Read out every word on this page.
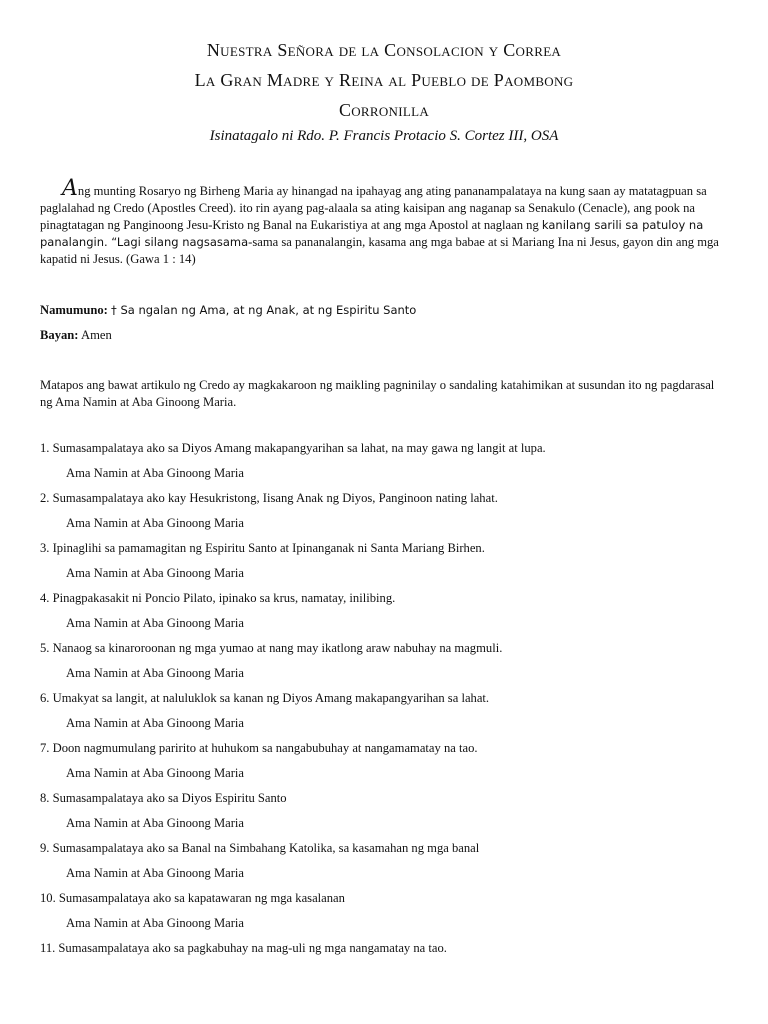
Nuestra Señora de la Consolacion y Correa
La Gran Madre y Reina al Pueblo de Paombong
Corronilla
Isinatagalo ni Rdo. P. Francis Protacio S. Cortez III, OSA
Ang munting Rosaryo ng Birheng Maria ay hinangad na ipahayag ang ating pananampalataya na kung saan ay matatagpuan sa paglalahad ng Credo (Apostles Creed). ito rin ayang pag-alaala sa ating kaisipan ang naganap sa Senakulo (Cenacle), ang pook na pinagtatagan ng Panginoong Jesu-Kristo ng Banal na Eukaristiya at ang mga Apostol at naglaan ng kanilang sarili sa patuloy na panalangin. “Lagi silang nagsasama-sama sa pananalangin, kasama ang mga babae at si Mariang Ina ni Jesus, gayon din ang mga kapatid ni Jesus. (Gawa 1 : 14)
Namumuno: † Sa ngalan ng Ama, at ng Anak, at ng Espiritu Santo
Bayan: Amen
Matapos ang bawat artikulo ng Credo ay magkakaroon ng maikling pagninilay o sandaling katahimikan at susundan ito ng pagdarasal ng Ama Namin at Aba Ginoong Maria.
1. Sumasampalataya ako sa Diyos Amang makapangyarihan sa lahat, na may gawa ng langit at lupa.
Ama Namin at Aba Ginoong Maria
2. Sumasampalataya ako kay Hesukristong, Iisang Anak ng Diyos, Panginoon nating lahat.
Ama Namin at Aba Ginoong Maria
3. Ipinaglihi sa pamamagitan ng Espiritu Santo at Ipinanganak ni Santa Mariang Birhen.
Ama Namin at Aba Ginoong Maria
4. Pinagpakasakit ni Poncio Pilato, ipinako sa krus, namatay, inilibing.
Ama Namin at Aba Ginoong Maria
5. Nanaog sa kinaroroonan ng mga yumao at nang may ikatlong araw nabuhay na magmuli.
Ama Namin at Aba Ginoong Maria
6. Umakyat sa langit, at naluluklok sa kanan ng Diyos Amang makapangyarihan sa lahat.
Ama Namin at Aba Ginoong Maria
7. Doon nagmumulang paririto at huhukom sa nangabubuhay at nangamamatay na tao.
Ama Namin at Aba Ginoong Maria
8. Sumasampalataya ako sa Diyos Espiritu Santo
Ama Namin at Aba Ginoong Maria
9. Sumasampalataya ako sa Banal na Simbahang Katolika, sa kasamahan ng mga banal
Ama Namin at Aba Ginoong Maria
10. Sumasampalataya ako sa kapatawaran ng mga kasalanan
Ama Namin at Aba Ginoong Maria
11. Sumasampalataya ako sa pagkabuhay na mag-uli ng mga nangamatay na tao.
